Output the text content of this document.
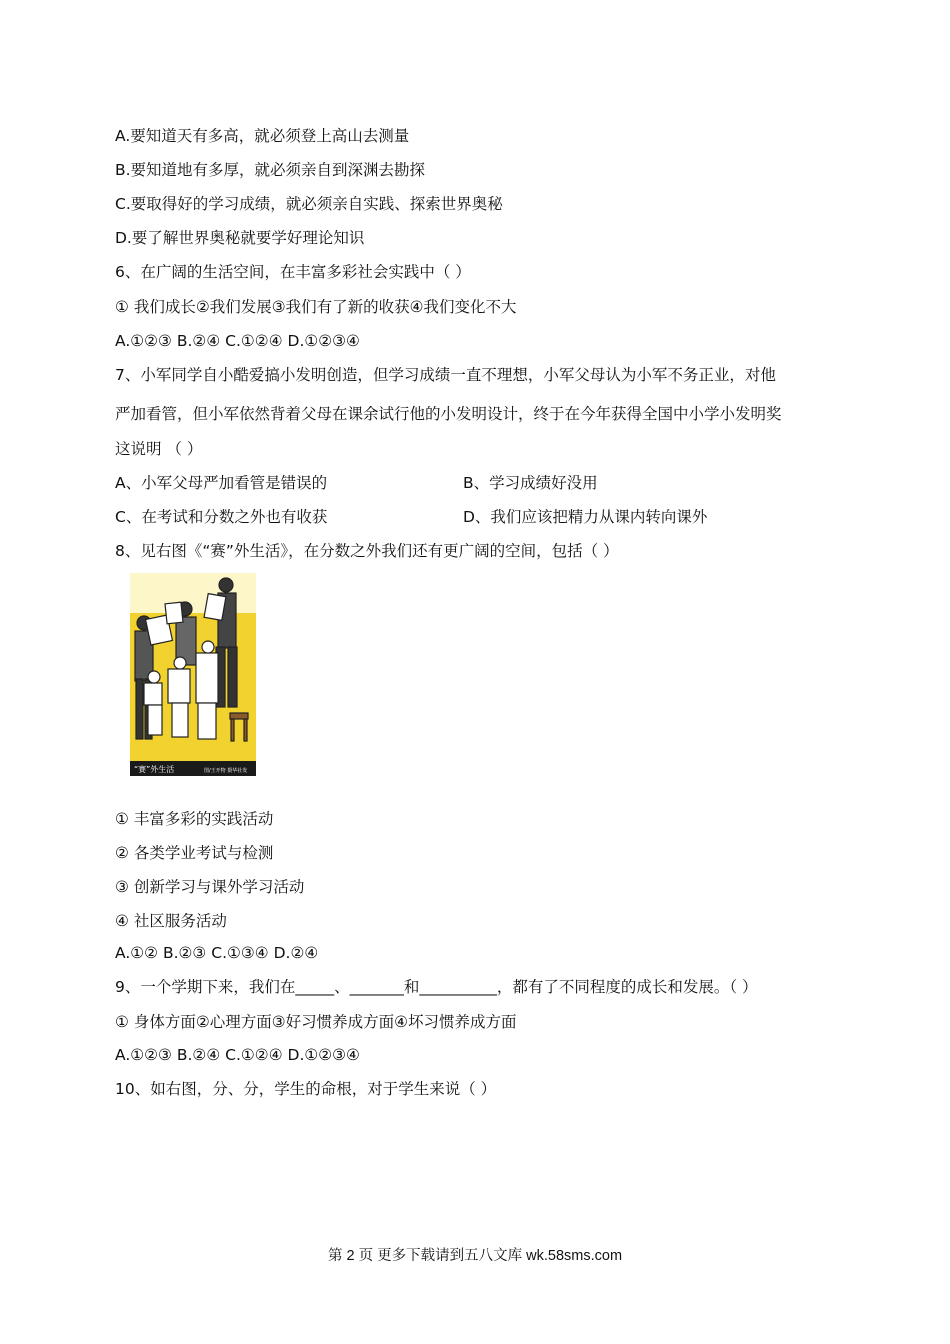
A.要知道天有多高，就必须登上高山去测量
B.要知道地有多厚，就必须亲自到深渊去勘探
C.要取得好的学习成绩，就必须亲自实践、探索世界奥秘
D.要了解世界奥秘就要学好理论知识
6、在广阔的生活空间，在丰富多彩社会实践中（ ）
① 我们成长②我们发展③我们有了新的收获④我们变化不大
A.①②③ B.②④ C.①②④ D.①②③④
7、小军同学自小酷爱搞小发明创造，但学习成绩一直不理想，小军父母认为小军不务正业，对他
严加看管，但小军依然背着父母在课余试行他的小发明设计，终于在今年获得全国中小学小发明奖
这说明 （ ）
A、小军父母严加看管是错误的	B、学习成绩好没用
C、在考试和分数之外也有收获	D、我们应该把精力从课内转向课外
8、见右图《“赛”外生活》，在分数之外我们还有更广阔的空间，包括（ ）
“赛”外生活	图/王开物 摄华社发
① 丰富多彩的实践活动
② 各类学业考试与检测
③ 创新学习与课外学习活动
④ 社区服务活动
A.①② B.②③ C.①③④ D.②④
9、一个学期下来，我们在_____、_______和__________，都有了不同程度的成长和发展。（ ）
① 身体方面②心理方面③好习惯养成方面④坏习惯养成方面
A.①②③ B.②④ C.①②④ D.①②③④
10、如右图，分、分，学生的命根，对于学生来说（ ）
第 2 页 更多下载请到五八文库 wk.58sms.com
